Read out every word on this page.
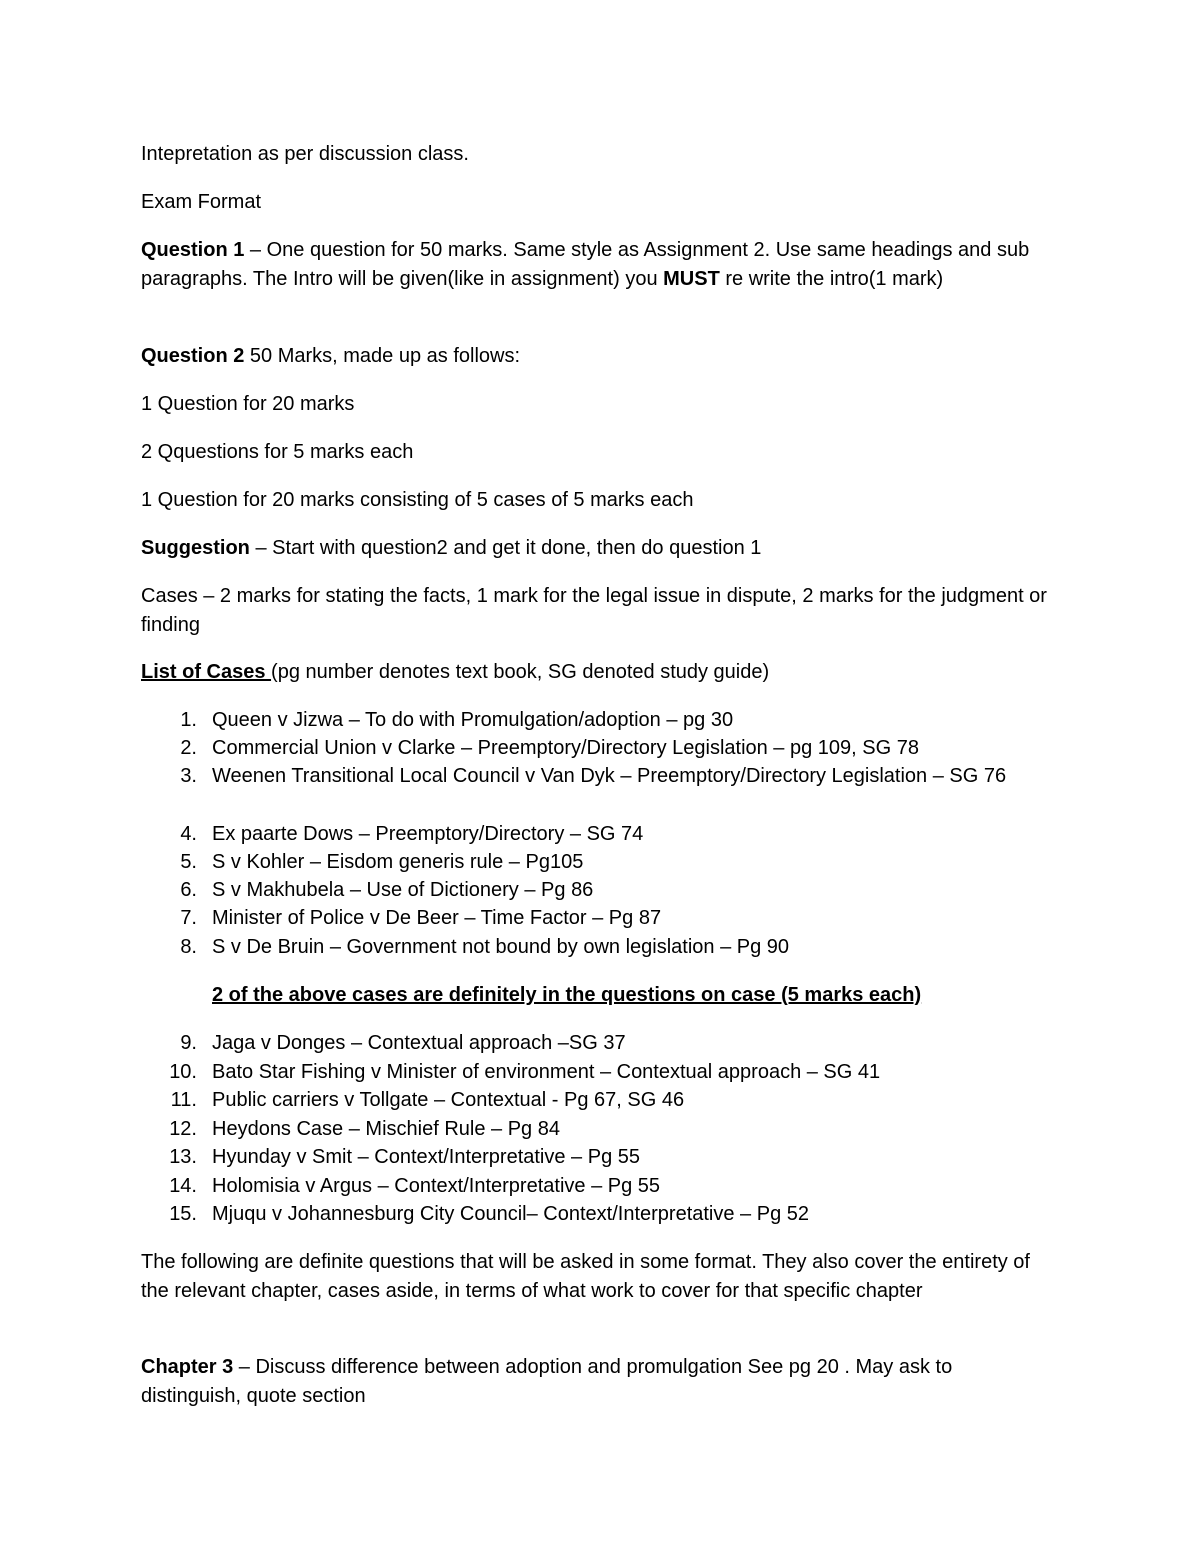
Intepretation as per discussion class.

Exam Format

Question 1 – One question for 50 marks. Same style as Assignment 2. Use same headings and sub paragraphs. The Intro will be given(like in assignment) you MUST re write the intro(1 mark)

Question 2 50 Marks, made up as follows:

1 Question for 20 marks

2 Qquestions for 5 marks each

1 Question for 20 marks consisting of 5 cases of 5 marks each

Suggestion – Start with question2 and get it done, then do question 1

Cases – 2 marks for stating the facts, 1 mark for the legal issue in dispute, 2 marks for the judgment or finding

List of Cases (pg number denotes text book, SG denoted study guide)

1. Queen v Jizwa – To do with Promulgation/adoption – pg 30
2. Commercial Union v Clarke – Preemptory/Directory Legislation – pg 109, SG 78
3. Weenen Transitional Local Council v Van Dyk – Preemptory/Directory Legislation – SG 76
4. Ex paarte Dows – Preemptory/Directory – SG 74
5. S v Kohler – Eisdom generis rule – Pg105
6. S v Makhubela – Use of Dictionery – Pg 86
7. Minister of Police v De Beer – Time Factor – Pg 87
8. S v De Bruin – Government not bound by own legislation – Pg 90

2 of the above cases are definitely in the questions on case (5 marks each)

9. Jaga v Donges – Contextual approach –SG 37
10. Bato Star Fishing v Minister of environment – Contextual approach – SG 41
11. Public carriers v Tollgate – Contextual - Pg 67, SG 46
12. Heydons Case – Mischief Rule – Pg 84
13. Hyunday v Smit – Context/Interpretative – Pg 55
14. Holomisia v Argus – Context/Interpretative – Pg 55
15. Mjuqu v Johannesburg City Council– Context/Interpretative – Pg 52

The following are definite questions that will be asked in some format. They also cover the entirety of the relevant chapter, cases aside, in terms of what work to cover for that specific chapter

Chapter 3 – Discuss difference between adoption and promulgation See pg 20 . May ask to distinguish, quote section
